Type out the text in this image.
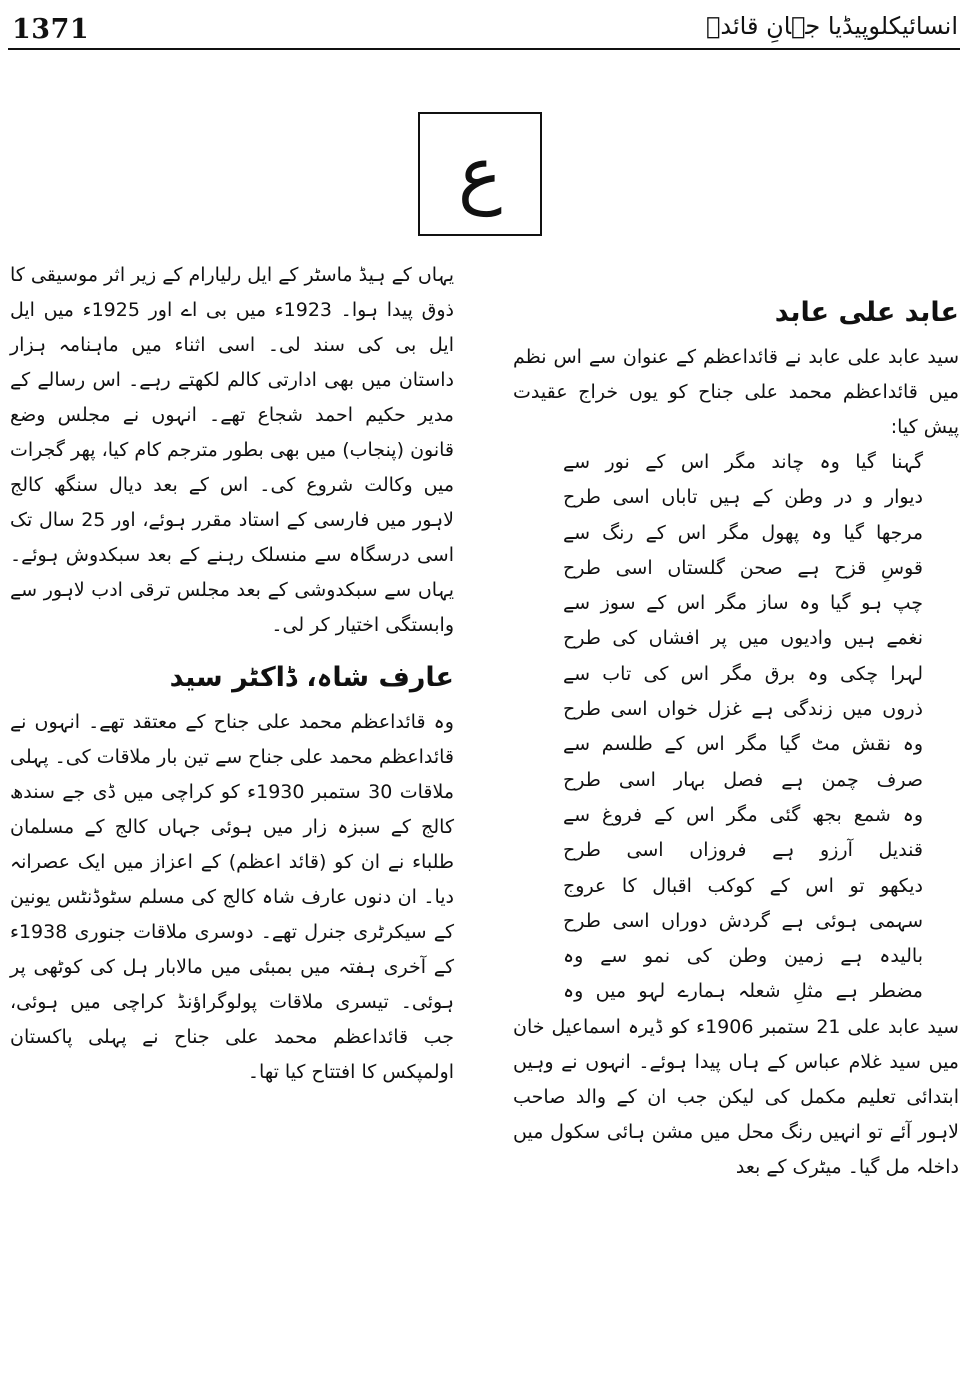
1371	انسائیکلوپیڈیا جہانِ قائدؒ
ع

یہاں کے ہیڈ ماسٹر کے ایل رلیارام کے زیر اثر موسیقی کا ذوق پیدا ہوا۔ 1923ء میں بی اے اور 1925ء میں ایل ایل بی کی سند لی۔ اسی اثناء میں ماہنامہ ہزار داستان میں بھی ادارتی کالم لکھتے رہے۔ اس رسالے کے مدیر حکیم احمد شجاع تھے۔ انہوں نے مجلس وضع قانون (پنجاب) میں بھی بطور مترجم کام کیا، پھر گجرات میں وکالت شروع کی۔ اس کے بعد دیال سنگھ کالج لاہور میں فارسی کے استاد مقرر ہوئے، اور 25 سال تک اسی درسگاہ سے منسلک رہنے کے بعد سبکدوش ہوئے۔ یہاں سے سبکدوشی کے بعد مجلس ترقی ادب لاہور سے وابستگی اختیار کر لی۔

عارف شاہ، ڈاکٹر سید

وہ قائداعظم محمد علی جناح کے معتقد تھے۔ انہوں نے قائداعظم محمد علی جناح سے تین بار ملاقات کی۔ پہلی ملاقات 30 ستمبر 1930ء کو کراچی میں ڈی جے سندھ کالج کے سبزہ زار میں ہوئی جہاں کالج کے مسلمان طلباء نے ان کو (قائد اعظم) کے اعزاز میں ایک عصرانہ دیا۔ ان دنوں عارف شاہ کالج کی مسلم سٹوڈنٹس یونین کے سیکرٹری جنرل تھے۔ دوسری ملاقات جنوری 1938ء کے آخری ہفتہ میں بمبئی میں مالابار ہل کی کوٹھی پر ہوئی۔ تیسری ملاقات پولوگراؤنڈ کراچی میں ہوئی، جب قائداعظم محمد علی جناح نے پہلی پاکستان اولمپکس کا افتتاح کیا تھا۔

عابد علی عابد

سید عابد علی عابد نے قائداعظم کے عنوان سے اس نظم میں قائداعظم محمد علی جناح کو یوں خراج عقیدت پیش کیا:

گہنا گیا وہ چاند مگر اس کے نور سے
دیوار و در وطن کے ہیں تاباں اسی طرح
مرجھا گیا وہ پھول مگر اس کے رنگ سے
قوسِ قزح ہے صحن گلستاں اسی طرح
چپ ہو گیا وہ ساز مگر اس کے سوز سے
نغمے ہیں وادیوں میں پر افشاں کی طرح
لہرا چکی وہ برق مگر اس کی تاب سے
ذروں میں زندگی ہے غزل خواں اسی طرح
وہ نقش مٹ گیا مگر اس کے طلسم سے
صرف چمن ہے فصل بہار اسی طرح
وہ شمع بجھ گئی مگر اس کے فروغ سے
قندیل آرزو ہے فروزاں اسی طرح
دیکھو تو اس کے کوکب اقبال کا عروج
سہمی ہوئی ہے گردش دوراں اسی طرح
بالیدہ ہے زمین وطن کی نمو سے وہ
مضطر ہے مثلِ شعلہ ہمارے لہو میں وہ

سید عابد علی 21 ستمبر 1906ء کو ڈیرہ اسماعیل خان میں سید غلام عباس کے ہاں پیدا ہوئے۔ انہوں نے وہیں ابتدائی تعلیم مکمل کی لیکن جب ان کے والد صاحب لاہور آئے تو انہیں رنگ محل میں مشن ہائی سکول میں داخلہ مل گیا۔ میٹرک کے بعد
